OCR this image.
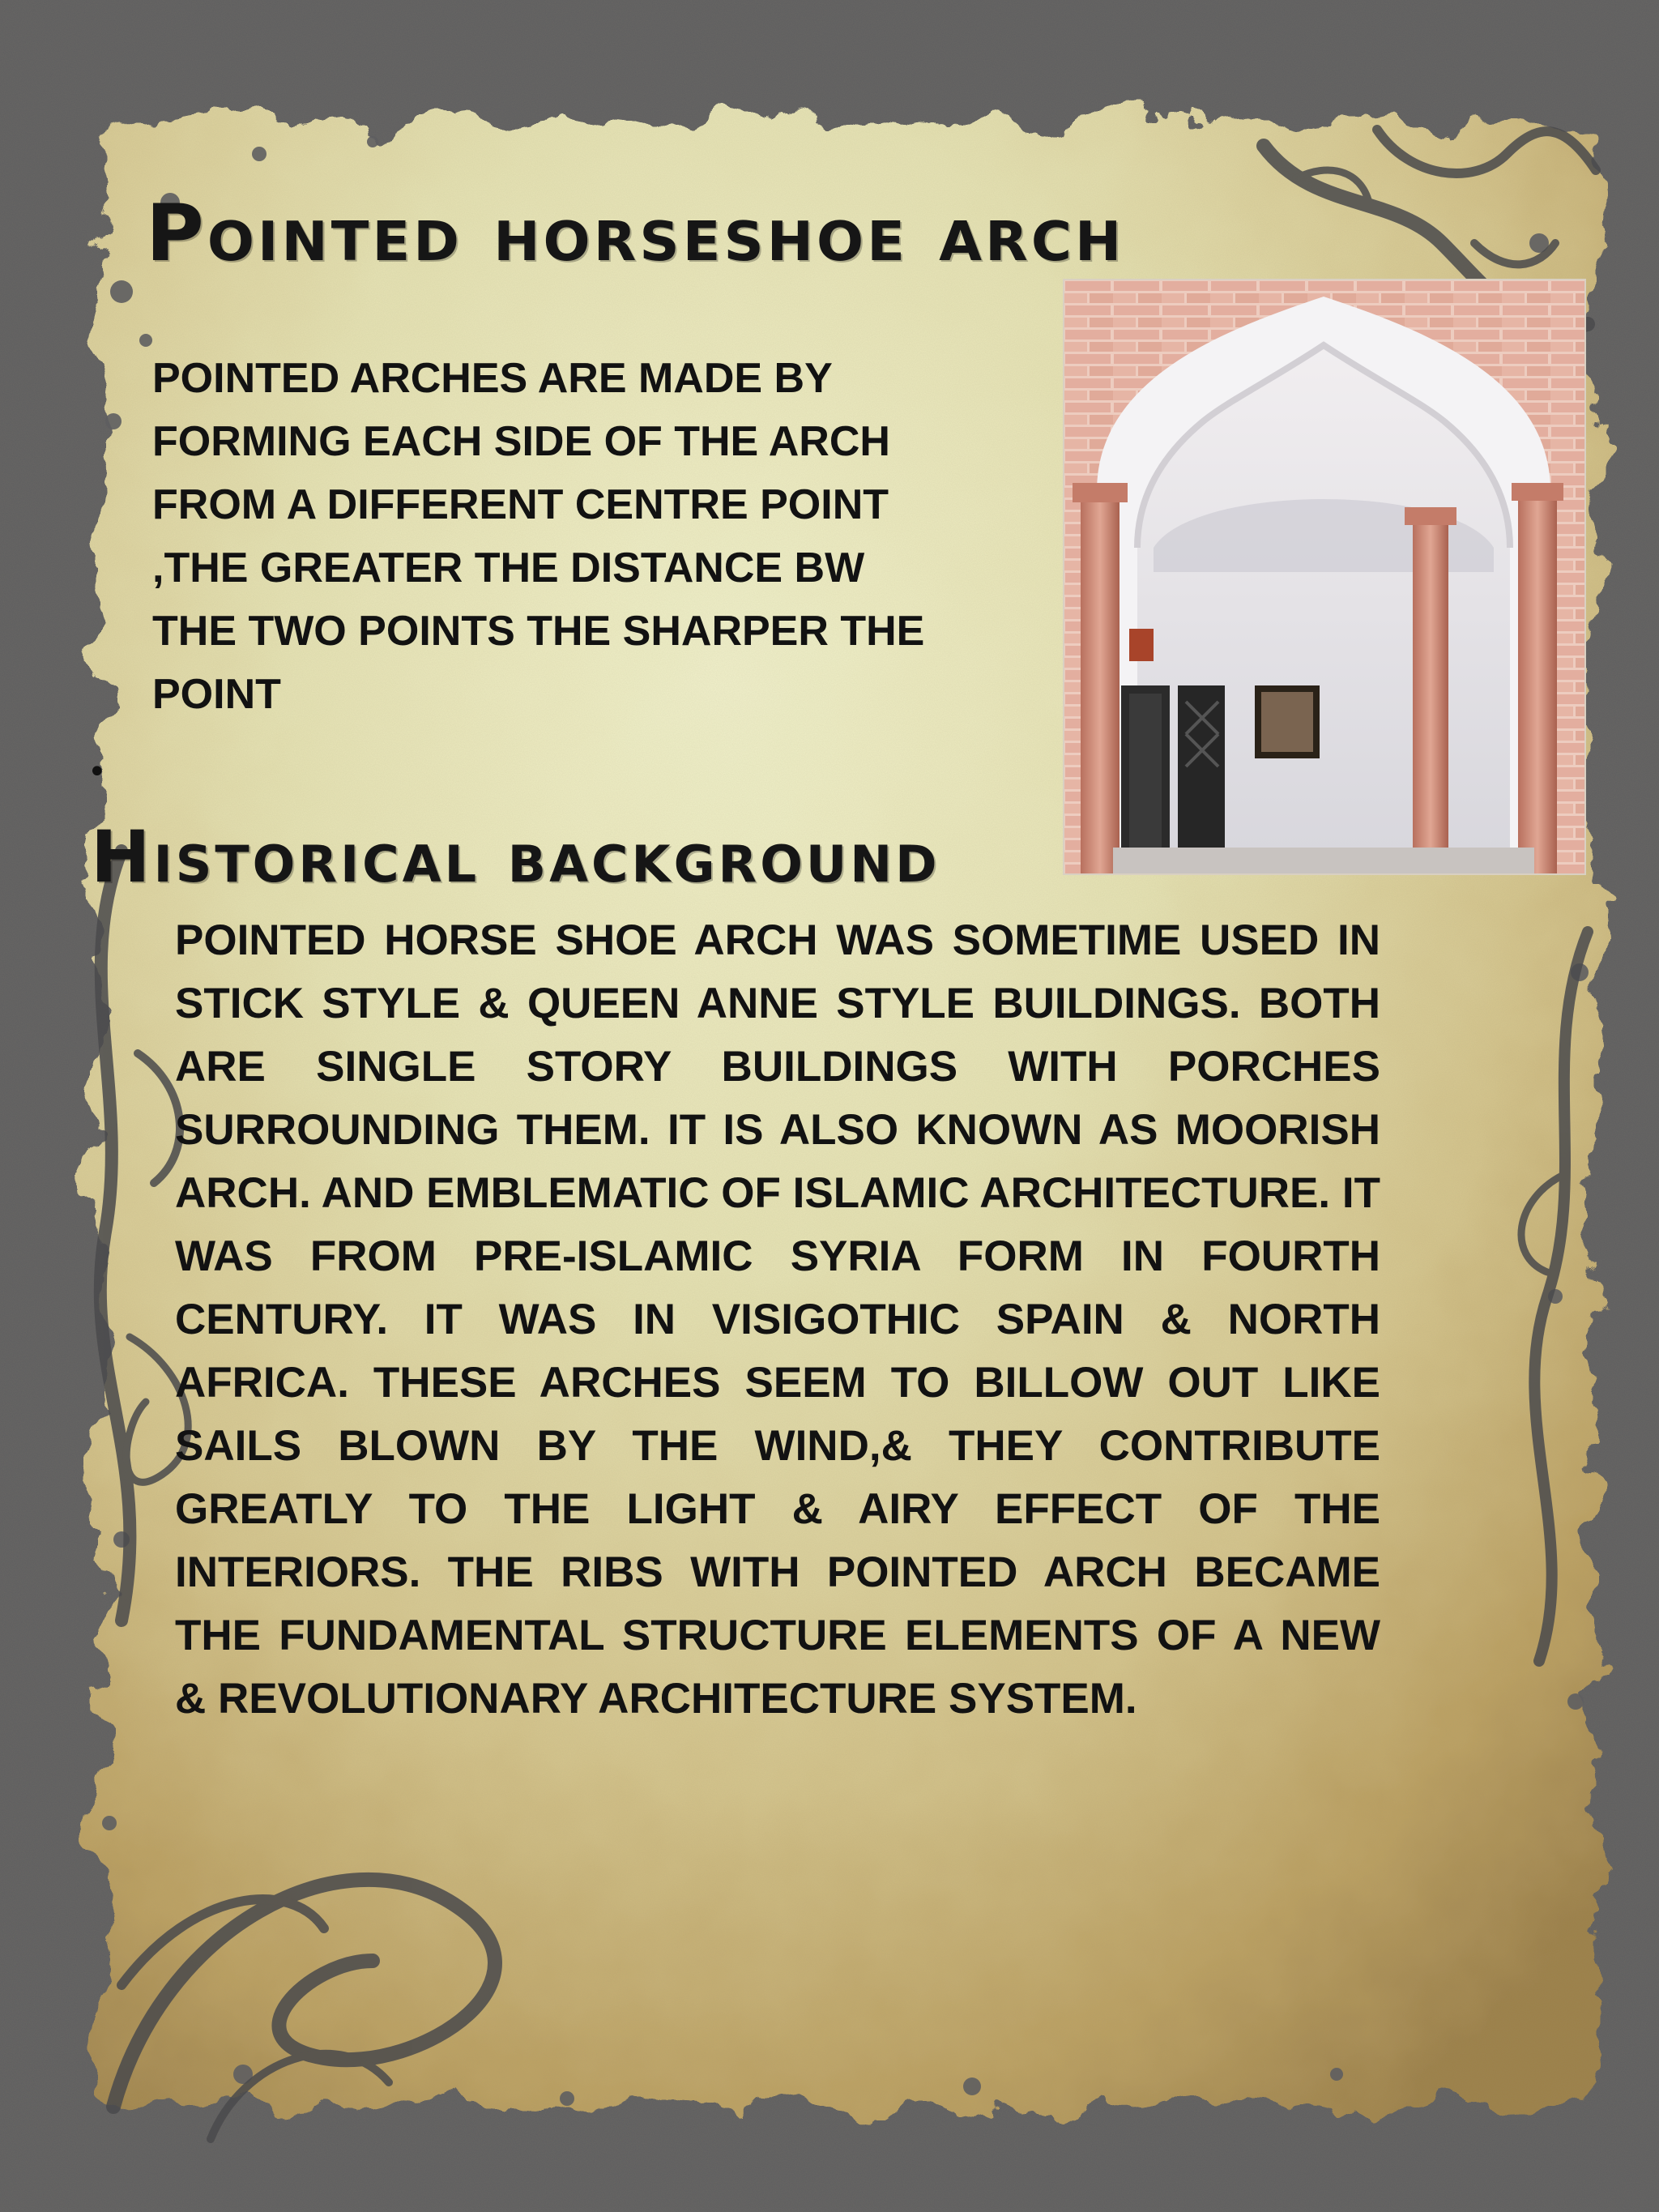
Pointed horseshoe arch
POINTED ARCHES ARE MADE BY
FORMING EACH SIDE OF THE ARCH
FROM A DIFFERENT CENTRE POINT
,THE GREATER THE DISTANCE BW
THE TWO POINTS THE SHARPER THE
POINT
•
Historical background

POINTED HORSE SHOE ARCH WAS SOMETIME USED IN STICK STYLE & QUEEN ANNE STYLE BUILDINGS. BOTH ARE SINGLE STORY BUILDINGS WITH PORCHES SURROUNDING THEM. IT IS ALSO KNOWN AS MOORISH ARCH. AND EMBLEMATIC OF ISLAMIC ARCHITECTURE. IT WAS FROM PRE-ISLAMIC SYRIA FORM IN FOURTH CENTURY. IT WAS IN VISIGOTHIC SPAIN & NORTH AFRICA. THESE ARCHES SEEM TO BILLOW OUT LIKE SAILS BLOWN BY THE WIND,& THEY CONTRIBUTE GREATLY TO THE LIGHT & AIRY EFFECT OF THE INTERIORS. THE RIBS WITH POINTED ARCH BECAME THE FUNDAMENTAL STRUCTURE ELEMENTS OF A NEW & REVOLUTIONARY ARCHITECTURE SYSTEM.
